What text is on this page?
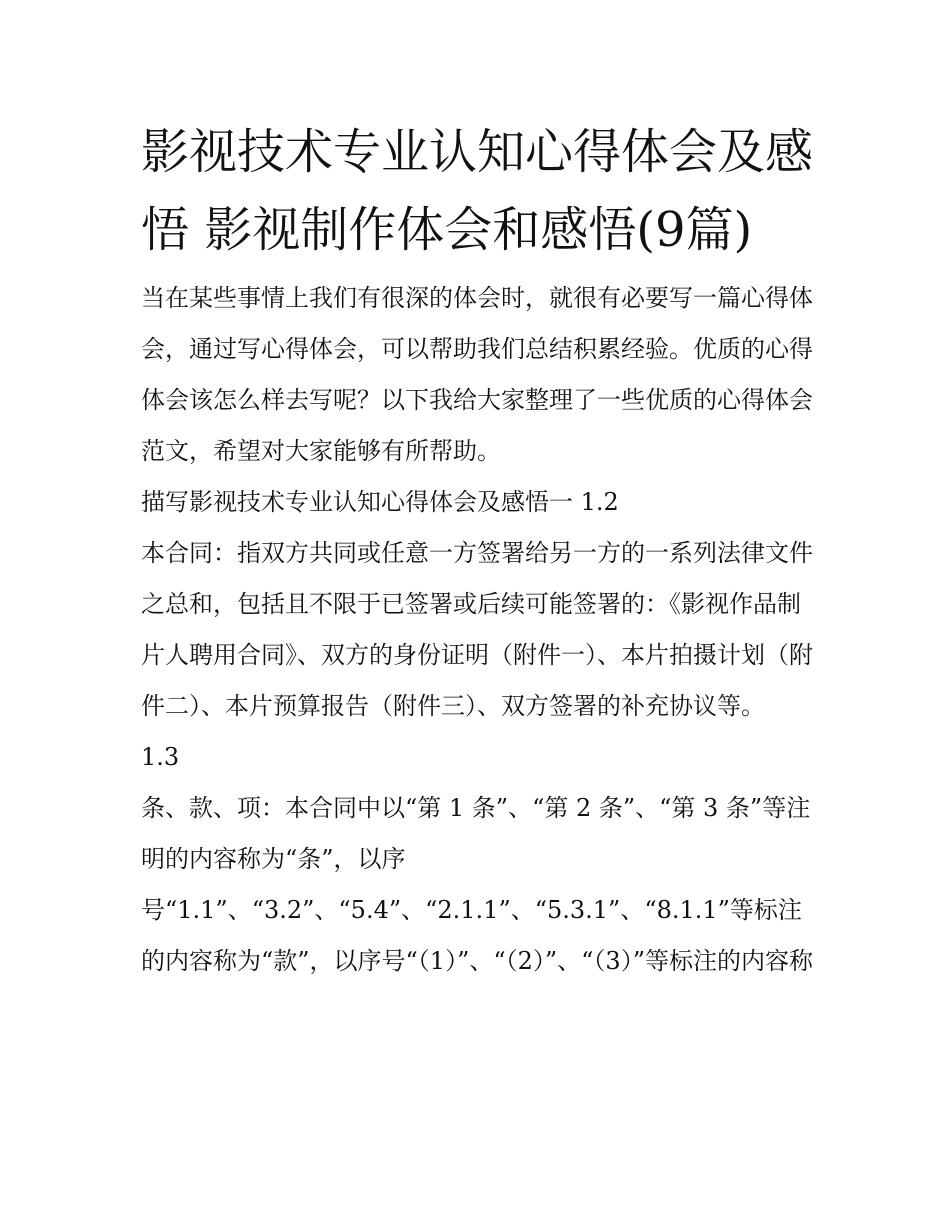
影视技术专业认知心得体会及感悟 影视制作体会和感悟(9篇)

当在某些事情上我们有很深的体会时，就很有必要写一篇心得体会，通过写心得体会，可以帮助我们总结积累经验。优质的心得体会该怎么样去写呢？以下我给大家整理了一些优质的心得体会范文，希望对大家能够有所帮助。

描写影视技术专业认知心得体会及感悟一 1.2

本合同：指双方共同或任意一方签署给另一方的一系列法律文件之总和，包括且不限于已签署或后续可能签署的：《影视作品制片人聘用合同》、双方的身份证明（附件一）、本片拍摄计划（附件二）、本片预算报告（附件三）、双方签署的补充协议等。

1.3

条、款、项：本合同中以“第 1 条”、“第 2 条”、“第 3 条”等注明的内容称为“条”，以序

号“1.1”、“3.2”、“5.4”、“2.1.1”、“5.3.1”、“8.1.1”等标注的内容称为“款”，以序号“（1）”、“（2）”、“（3）”等标注的内容称
